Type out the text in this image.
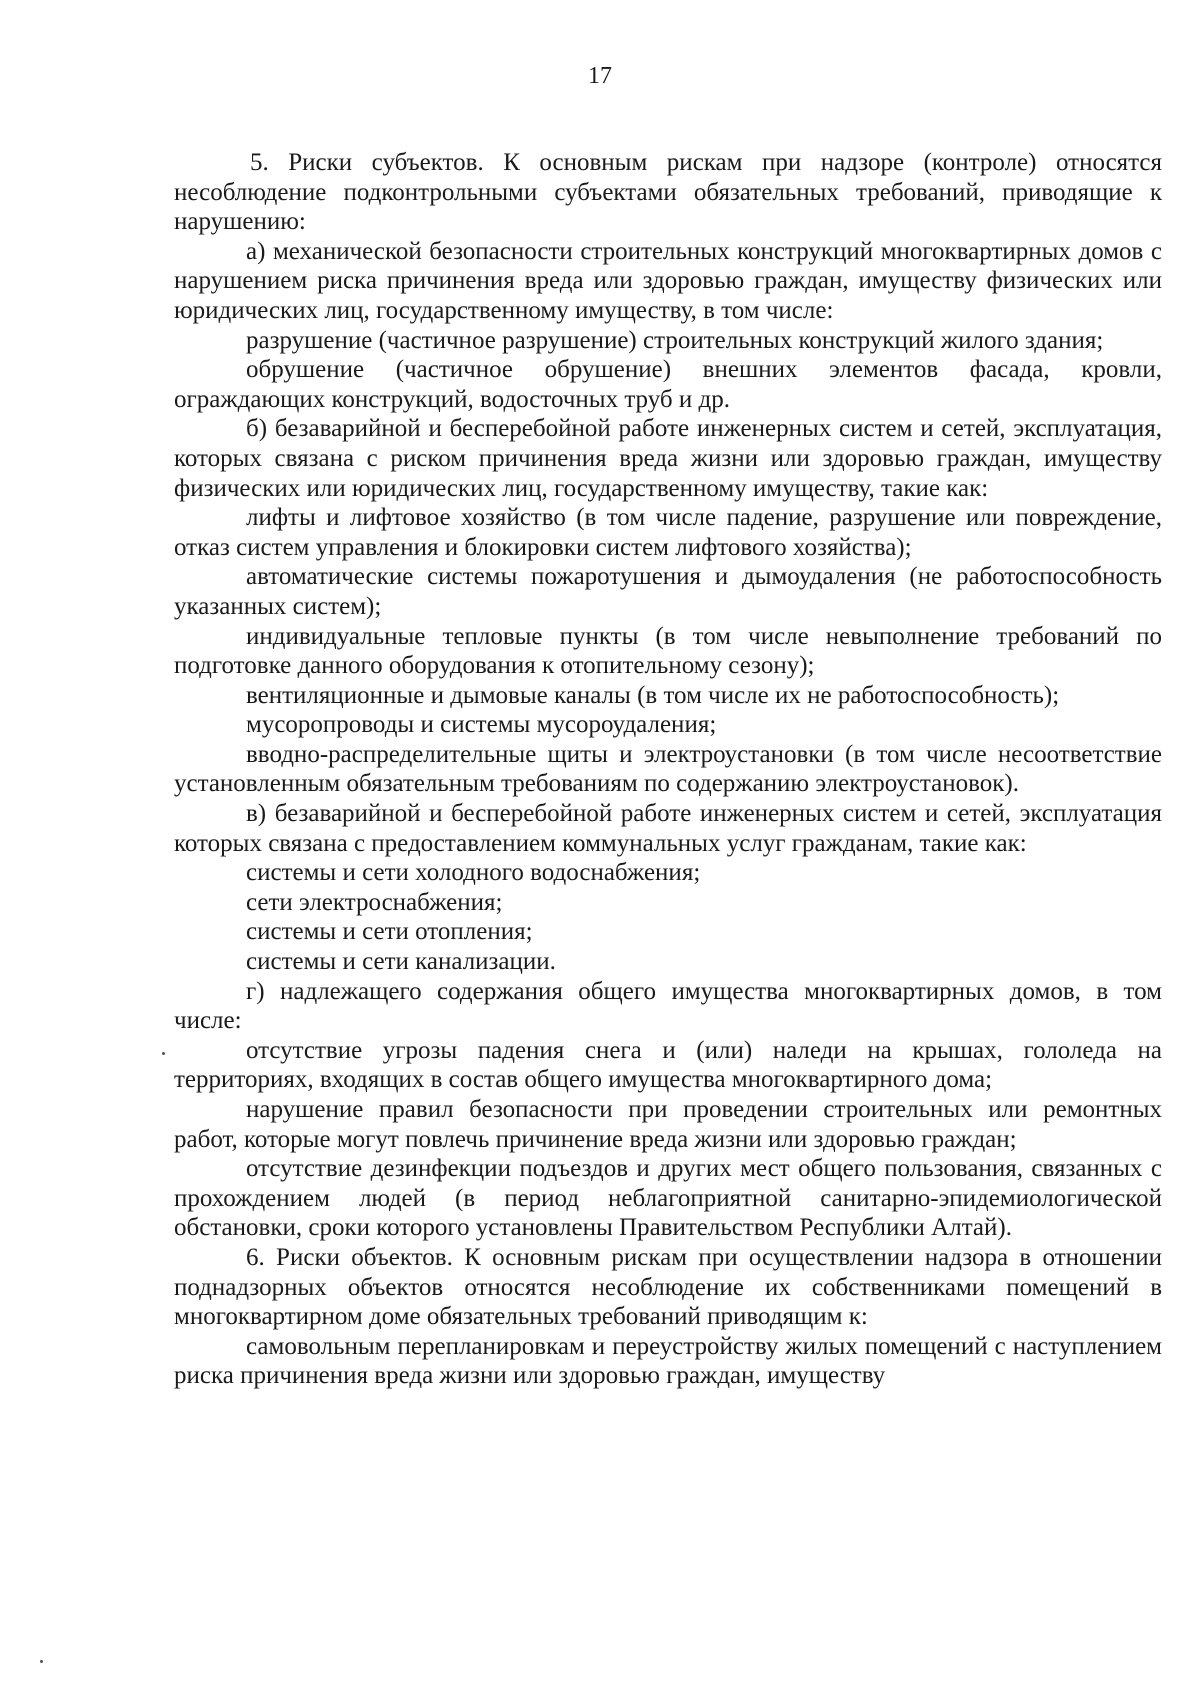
17

5. Риски субъектов. К основным рискам при надзоре (контроле) относятся несоблюдение подконтрольными субъектами обязательных требований, приводящие к нарушению:

а) механической безопасности строительных конструкций многоквартирных домов с нарушением риска причинения вреда или здоровью граждан, имуществу физических или юридических лиц, государственному имуществу, в том числе:

разрушение (частичное разрушение) строительных конструкций жилого здания;

обрушение (частичное обрушение) внешних элементов фасада, кровли, ограждающих конструкций, водосточных труб и др.

б) безаварийной и бесперебойной работе инженерных систем и сетей, эксплуатация, которых связана с риском причинения вреда жизни или здоровью граждан, имуществу физических или юридических лиц, государственному имуществу, такие как:

лифты и лифтовое хозяйство (в том числе падение, разрушение или повреждение, отказ систем управления и блокировки систем лифтового хозяйства);

автоматические системы пожаротушения и дымоудаления (не работоспособность указанных систем);

индивидуальные тепловые пункты (в том числе невыполнение требований по подготовке данного оборудования к отопительному сезону);

вентиляционные и дымовые каналы (в том числе их не работоспособность);

мусоропроводы и системы мусороудаления;

вводно-распределительные щиты и электроустановки (в том числе несоответствие установленным обязательным требованиям по содержанию электроустановок).

в) безаварийной и бесперебойной работе инженерных систем и сетей, эксплуатация которых связана с предоставлением коммунальных услуг гражданам, такие как:

системы и сети холодного водоснабжения;

сети электроснабжения;

системы и сети отопления;

системы и сети канализации.

г) надлежащего содержания общего имущества многоквартирных домов, в том числе:

отсутствие угрозы падения снега и (или) наледи на крышах, гололеда на территориях, входящих в состав общего имущества многоквартирного дома;

нарушение правил безопасности при проведении строительных или ремонтных работ, которые могут повлечь причинение вреда жизни или здоровью граждан;

отсутствие дезинфекции подъездов и других мест общего пользования, связанных с прохождением людей (в период неблагоприятной санитарно-эпидемиологической обстановки, сроки которого установлены Правительством Республики Алтай).

6. Риски объектов. К основным рискам при осуществлении надзора в отношении поднадзорных объектов относятся несоблюдение их собственниками помещений в многоквартирном доме обязательных требований приводящим к:

самовольным перепланировкам и переустройству жилых помещений с наступлением риска причинения вреда жизни или здоровью граждан, имуществу
